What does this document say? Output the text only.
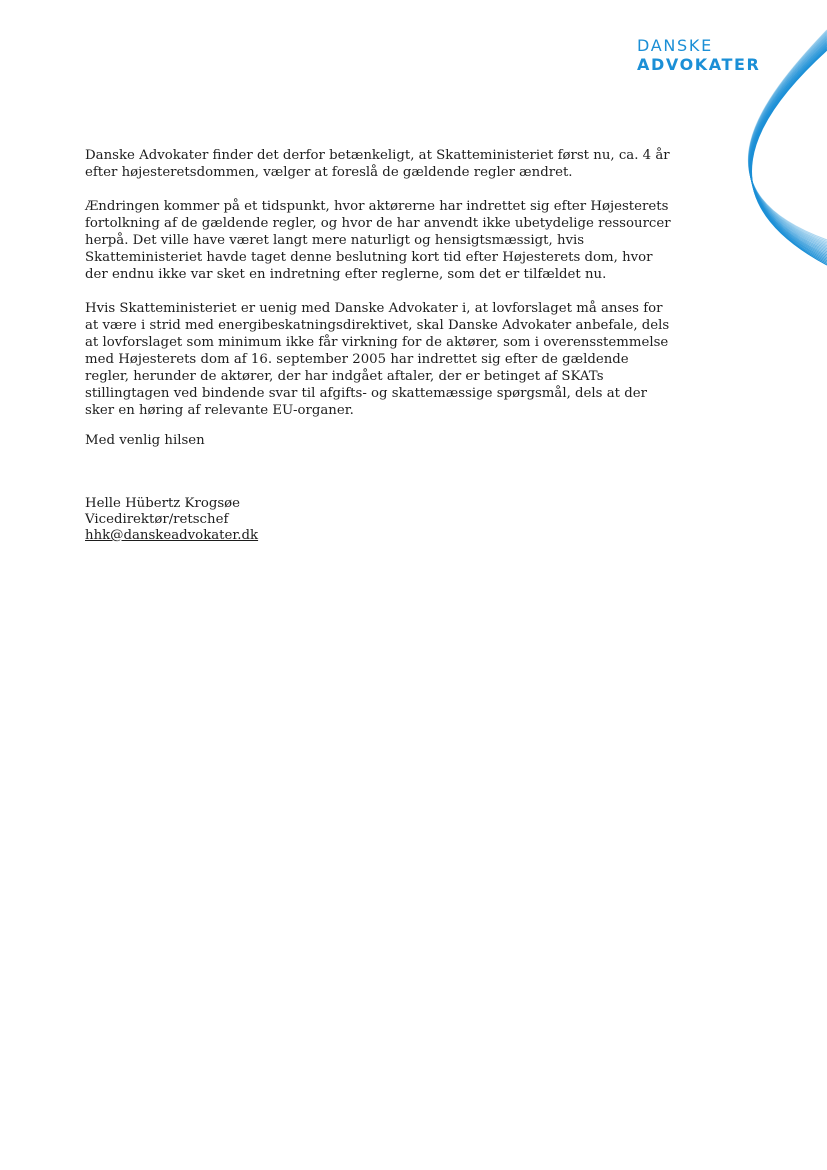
DANSKE
ADVOKATER

Danske Advokater finder det derfor betænkeligt, at Skatteministeriet først nu, ca. 4 år efter højesteretsdommen, vælger at foreslå de gældende regler ændret.

Ændringen kommer på et tidspunkt, hvor aktørerne har indrettet sig efter Højesterets fortolkning af de gældende regler, og hvor de har anvendt ikke ubetydelige ressourcer herpå. Det ville have været langt mere naturligt og hensigtsmæssigt, hvis Skatteministeriet havde taget denne beslutning kort tid efter Højesterets dom, hvor der endnu ikke var sket en indretning efter reglerne, som det er tilfældet nu.

Hvis Skatteministeriet er uenig med Danske Advokater i, at lovforslaget må anses for at være i strid med energibeskatningsdirektivet, skal Danske Advokater anbefale, dels at lovforslaget som minimum ikke får virkning for de aktører, som i overensstemmelse med Højesterets dom af 16. september 2005 har indrettet sig efter de gældende regler, herunder de aktører, der har indgået aftaler, der er betinget af SKATs stillingtagen ved bindende svar til afgifts- og skattemæssige spørgsmål, dels at der sker en høring af relevante EU-organer.

Med venlig hilsen
Helle Hübertz Krogsøe
Vicedirektør/retschef
hhk@danskeadvokater.dk
